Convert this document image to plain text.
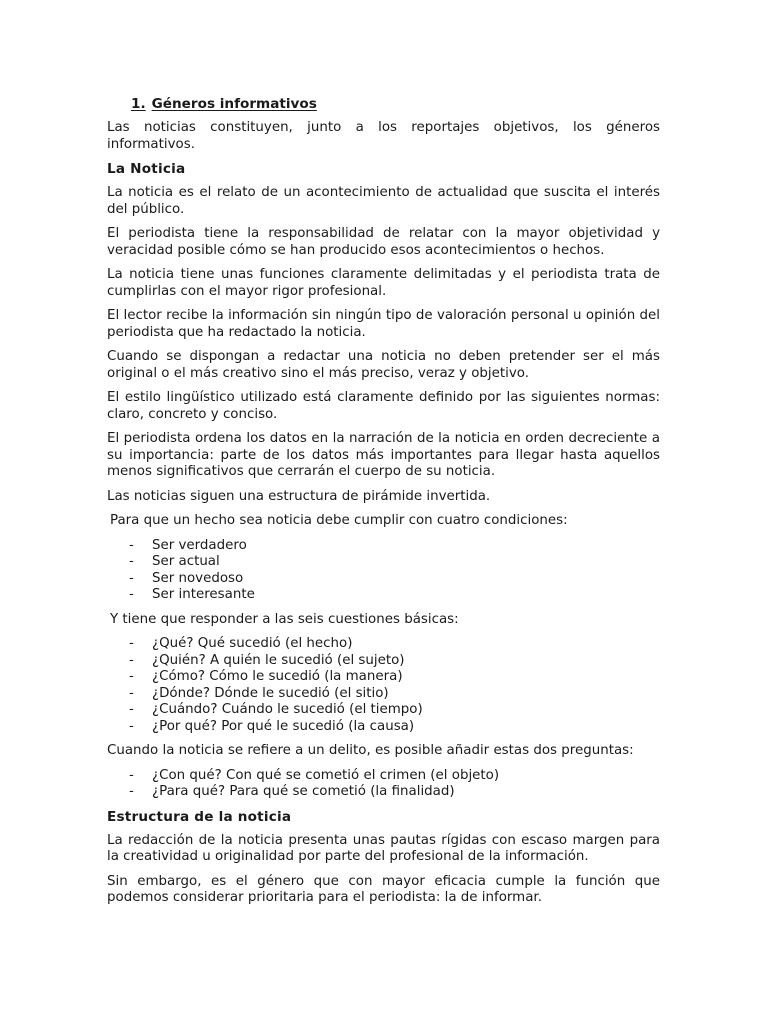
1. Géneros informativos

Las noticias constituyen, junto a los reportajes objetivos, los géneros informativos.

La Noticia

La noticia es el relato de un acontecimiento de actualidad que suscita el interés del público.

El periodista tiene la responsabilidad de relatar con la mayor objetividad y veracidad posible cómo se han producido esos acontecimientos o hechos.

La noticia tiene unas funciones claramente delimitadas y el periodista trata de cumplirlas con el mayor rigor profesional.

El lector recibe la información sin ningún tipo de valoración personal u opinión del periodista que ha redactado la noticia.

Cuando se dispongan a redactar una noticia no deben pretender ser el más original o el más creativo sino el más preciso, veraz y objetivo.

El estilo lingüístico utilizado está claramente definido por las siguientes normas: claro, concreto y conciso.

El periodista ordena los datos en la narración de la noticia en orden decreciente a su importancia: parte de los datos más importantes para llegar hasta aquellos menos significativos que cerrarán el cuerpo de su noticia.

Las noticias siguen una estructura de pirámide invertida.

Para que un hecho sea noticia debe cumplir con cuatro condiciones:

- Ser verdadero
- Ser actual
- Ser novedoso
- Ser interesante

Y tiene que responder a las seis cuestiones básicas:

- ¿Qué? Qué sucedió (el hecho)
- ¿Quién? A quién le sucedió (el sujeto)
- ¿Cómo? Cómo le sucedió (la manera)
- ¿Dónde? Dónde le sucedió (el sitio)
- ¿Cuándo? Cuándo le sucedió (el tiempo)
- ¿Por qué? Por qué le sucedió (la causa)

Cuando la noticia se refiere a un delito, es posible añadir estas dos preguntas:

- ¿Con qué? Con qué se cometió el crimen (el objeto)
- ¿Para qué? Para qué se cometió (la finalidad)
Estructura de la noticia

La redacción de la noticia presenta unas pautas rígidas con escaso margen para la creatividad u originalidad por parte del profesional de la información.

Sin embargo, es el género que con mayor eficacia cumple la función que podemos considerar prioritaria para el periodista: la de informar.
